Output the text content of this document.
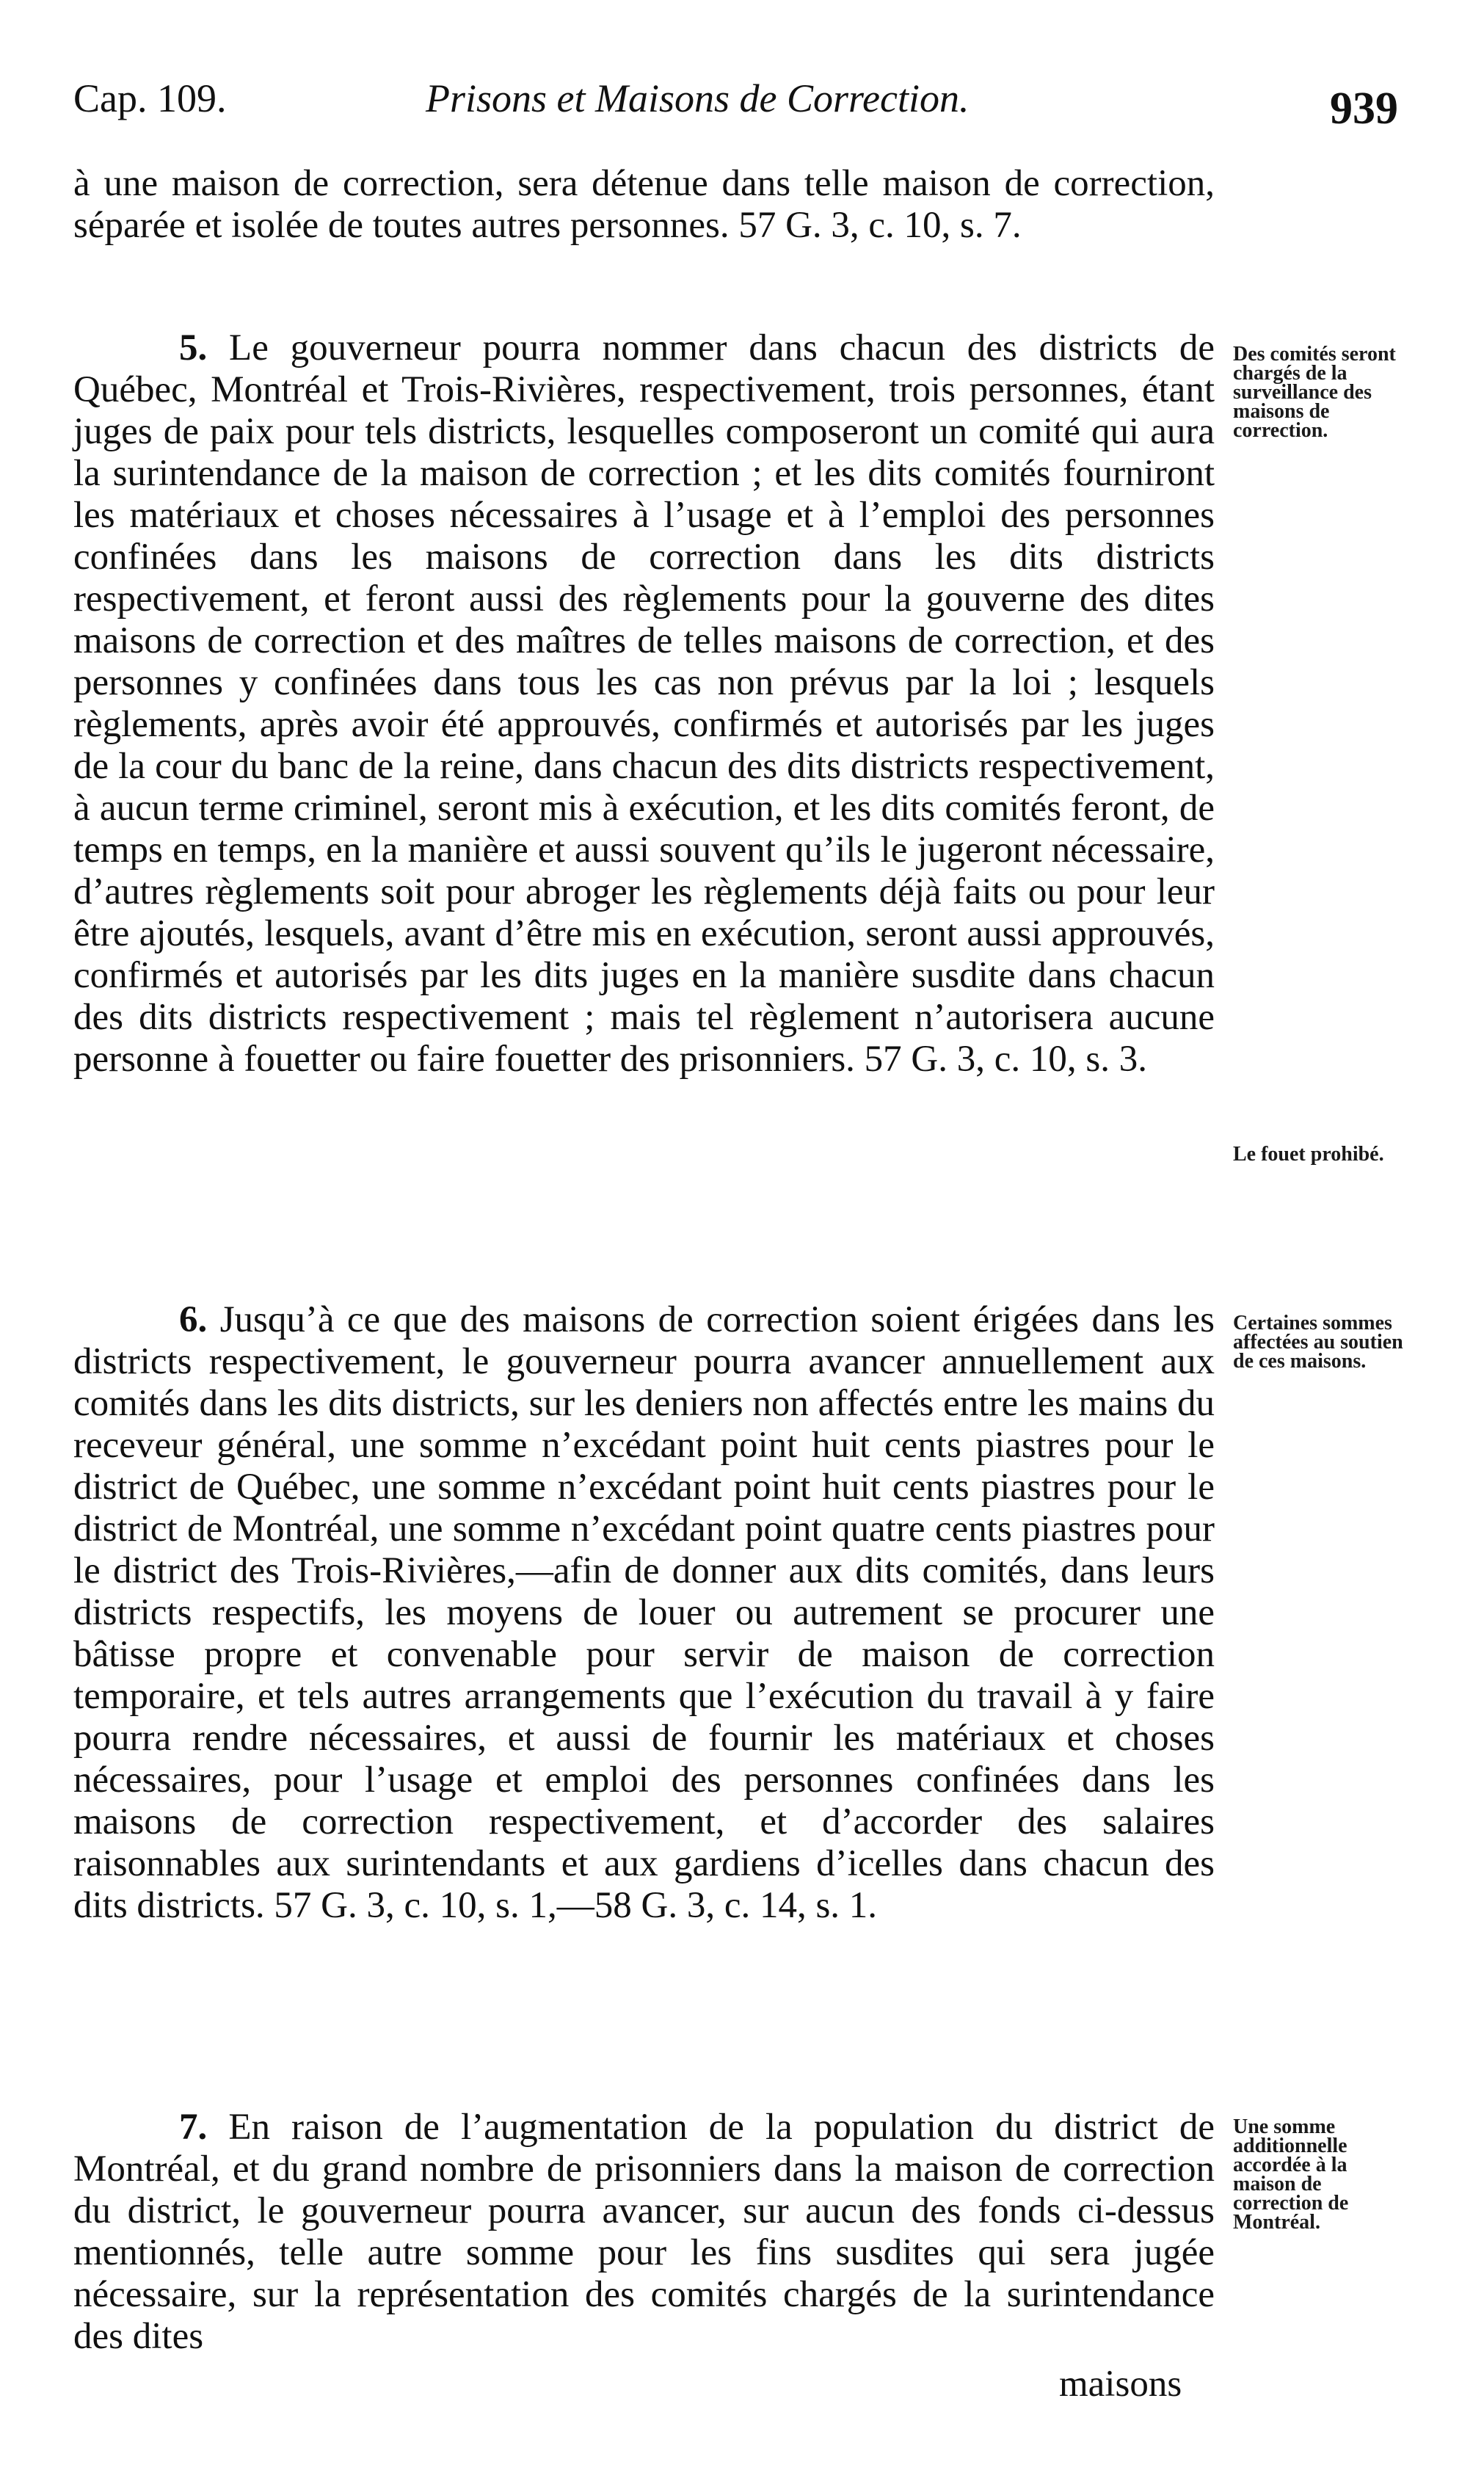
Cap. 109.	Prisons et Maisons de Correction.	939

à une maison de correction, sera détenue dans telle maison de correction, séparée et isolée de toutes autres personnes. 57 G. 3, c. 10, s. 7.

5. Le gouverneur pourra nommer dans chacun des districts de Québec, Montréal et Trois-Rivières, respectivement, trois personnes, étant juges de paix pour tels districts, lesquelles composeront un comité qui aura la surintendance de la maison de correction ; et les dits comités fourniront les matériaux et choses nécessaires à l’usage et à l’emploi des personnes confinées dans les maisons de correction dans les dits districts respectivement, et feront aussi des règlements pour la gouverne des dites maisons de correction et des maîtres de telles maisons de correction, et des personnes y confinées dans tous les cas non prévus par la loi ; lesquels règlements, après avoir été approuvés, confirmés et autorisés par les juges de la cour du banc de la reine, dans chacun des dits districts respectivement, à aucun terme criminel, seront mis à exécution, et les dits comités feront, de temps en temps, en la manière et aussi souvent qu’ils le jugeront nécessaire, d’autres règlements soit pour abroger les règlements déjà faits ou pour leur être ajoutés, lesquels, avant d’être mis en exécution, seront aussi approuvés, confirmés et autorisés par les dits juges en la manière susdite dans chacun des dits districts respectivement ; mais tel règlement n’autorisera aucune personne à fouetter ou faire fouetter des prisonniers. 57 G. 3, c. 10, s. 3.

6. Jusqu’à ce que des maisons de correction soient érigées dans les districts respectivement, le gouverneur pourra avancer annuellement aux comités dans les dits districts, sur les deniers non affectés entre les mains du receveur général, une somme n’excédant point huit cents piastres pour le district de Québec, une somme n’excédant point huit cents piastres pour le district de Montréal, une somme n’excédant point quatre cents piastres pour le district des Trois-Rivières,—afin de donner aux dits comités, dans leurs districts respectifs, les moyens de louer ou autrement se procurer une bâtisse propre et convenable pour servir de maison de correction temporaire, et tels autres arrangements que l’exécution du travail à y faire pourra rendre nécessaires, et aussi de fournir les matériaux et choses nécessaires, pour l’usage et emploi des personnes confinées dans les maisons de correction respectivement, et d’accorder des salaires raisonnables aux surintendants et aux gardiens d’icelles dans chacun des dits districts. 57 G. 3, c. 10, s. 1,—58 G. 3, c. 14, s. 1.

7. En raison de l’augmentation de la population du district de Montréal, et du grand nombre de prisonniers dans la maison de correction du district, le gouverneur pourra avancer, sur aucun des fonds ci-dessus mentionnés, telle autre somme pour les fins susdites qui sera jugée nécessaire, sur la représentation des comités chargés de la surintendance des dites

maisons
Des comités seront chargés de la surveillance des maisons de correction.
Le fouet prohibé.
Certaines sommes affectées au soutien de ces maisons.
Une somme additionnelle accordée à la maison de correction de Montréal.
